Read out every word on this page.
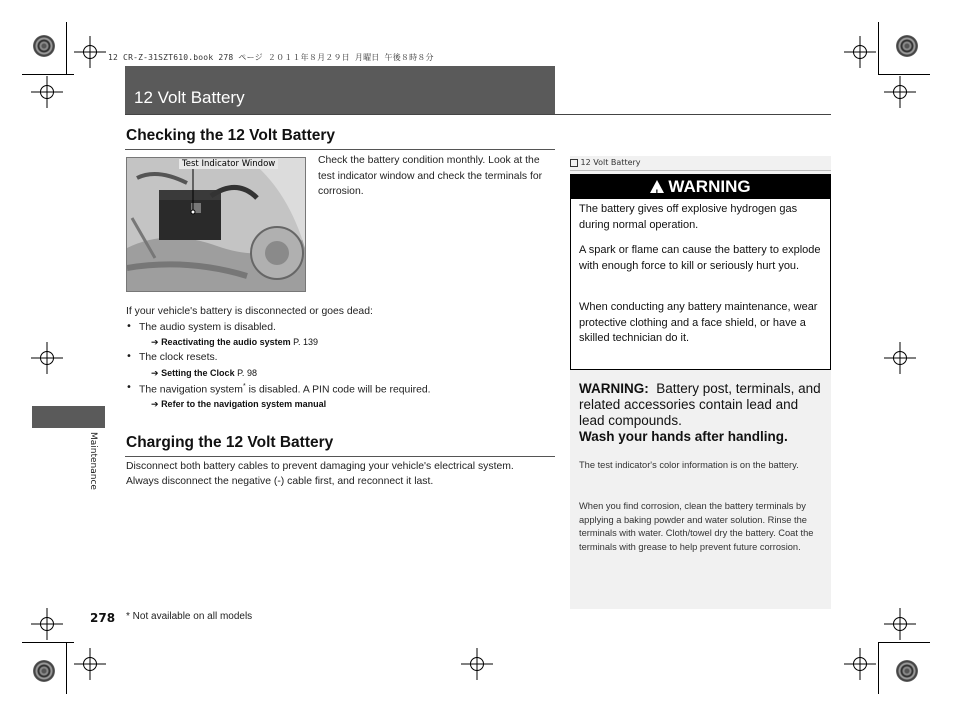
12 CR-Z-31SZT610.book 278 ページ ２０１１年８月２９日 月曜日 午後８時８分
12 Volt Battery
Maintenance
Checking the 12 Volt Battery
Test Indicator Window	Check the battery condition monthly. Look at the test indicator window and check the terminals for corrosion.
If your vehicle's battery is disconnected or goes dead:
• The audio system is disabled.
➔ Reactivating the audio system P. 139
• The clock resets.
➔ Setting the Clock P. 98
• The navigation system* is disabled. A PIN code will be required.
➔ Refer to the navigation system manual
Charging the 12 Volt Battery
Disconnect both battery cables to prevent damaging your vehicle's electrical system.
Always disconnect the negative (-) cable first, and reconnect it last.
12 Volt Battery
!WARNING
The battery gives off explosive hydrogen gas during normal operation.
A spark or flame can cause the battery to explode with enough force to kill or seriously hurt you.
When conducting any battery maintenance, wear protective clothing and a face shield, or have a skilled technician do it.
WARNING: Battery post, terminals, and related accessories contain lead and lead compounds.
Wash your hands after handling.
The test indicator's color information is on the battery.
When you find corrosion, clean the battery terminals by applying a baking powder and water solution. Rinse the terminals with water. Cloth/towel dry the battery. Coat the terminals with grease to help prevent future corrosion.
278 * Not available on all models
